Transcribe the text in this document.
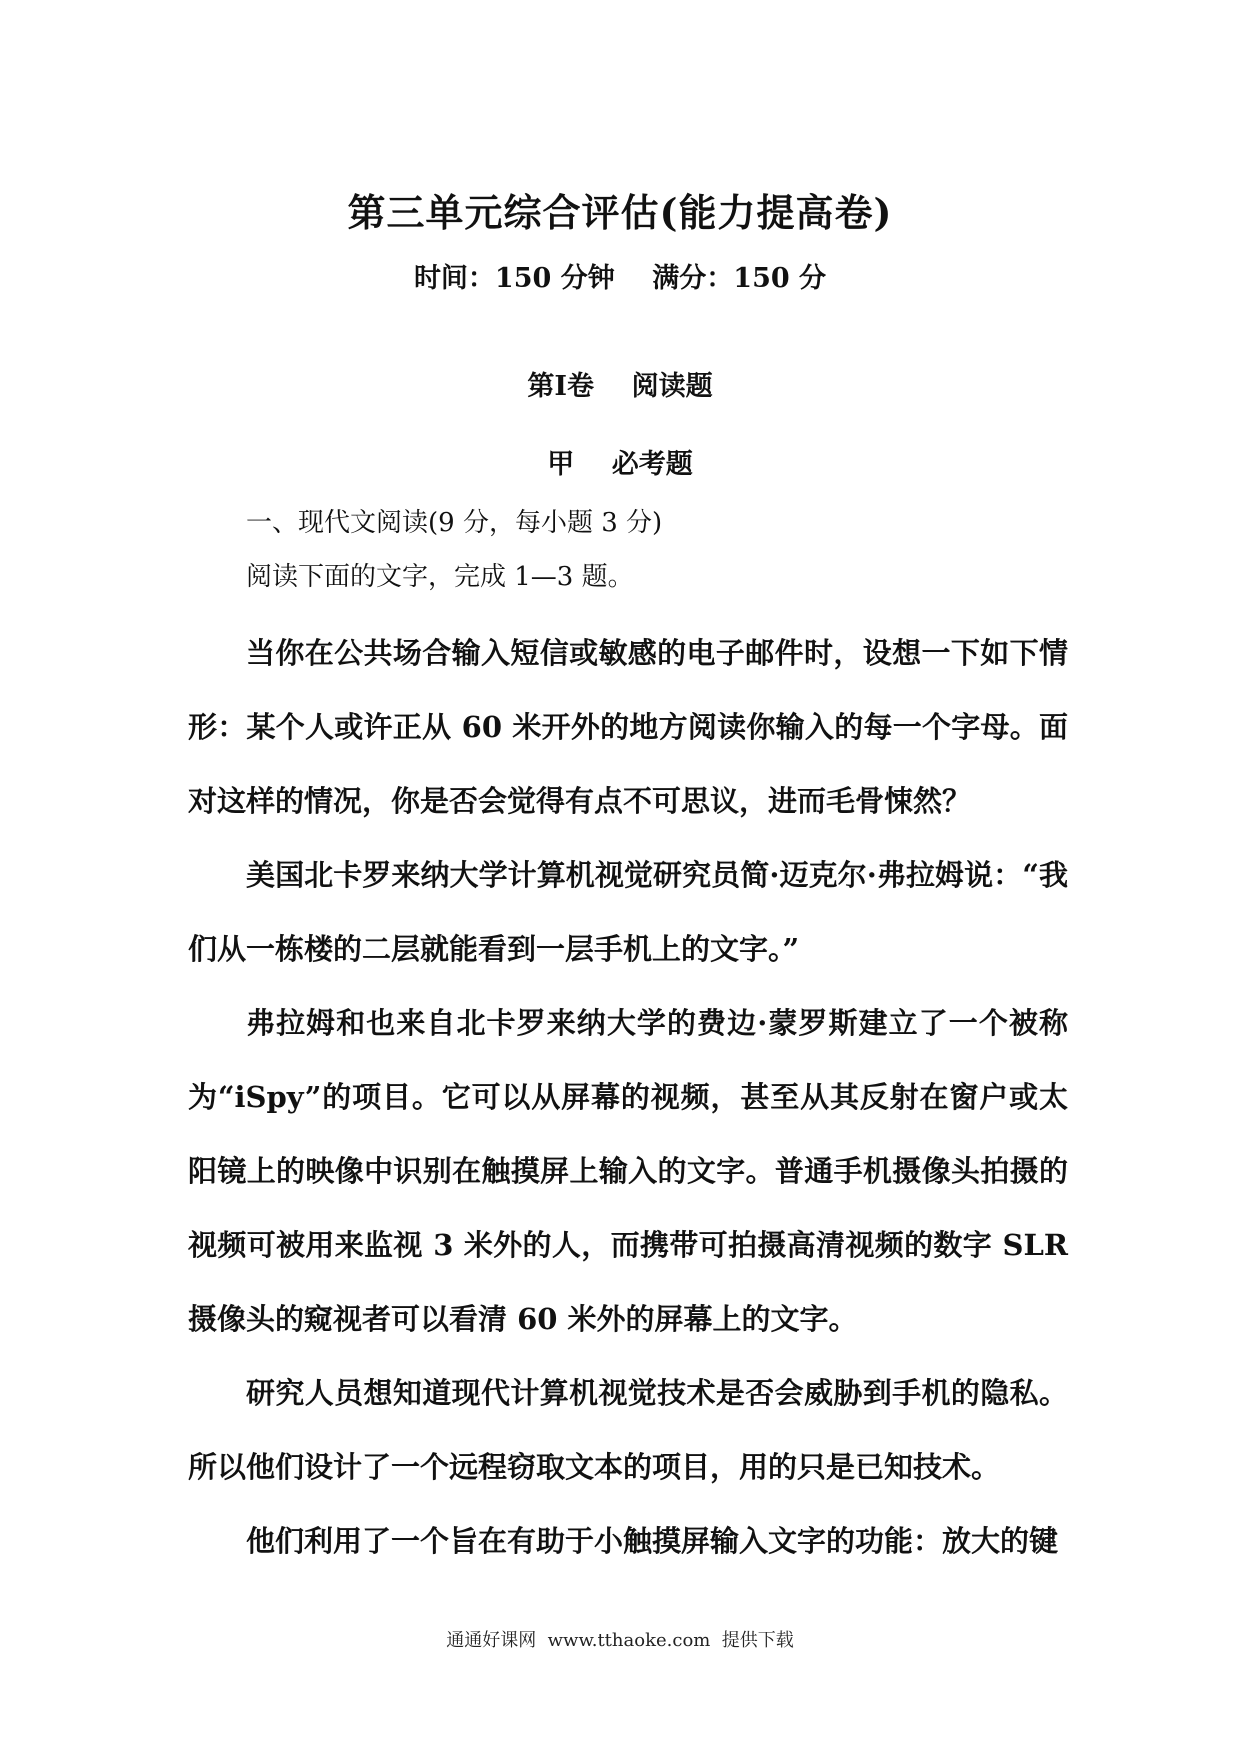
第三单元综合评估(能力提高卷)
时间：150 分钟    满分：150 分
第Ⅰ卷    阅读题
甲    必考题
一、现代文阅读(9 分，每小题 3 分)
阅读下面的文字，完成 1—3 题。

当你在公共场合输入短信或敏感的电子邮件时，设想一下如下情形：某个人或许正从 60 米开外的地方阅读你输入的每一个字母。面对这样的情况，你是否会觉得有点不可思议，进而毛骨悚然？

美国北卡罗来纳大学计算机视觉研究员简·迈克尔·弗拉姆说：“我们从一栋楼的二层就能看到一层手机上的文字。”

弗拉姆和也来自北卡罗来纳大学的费边·蒙罗斯建立了一个被称为“iSpy”的项目。它可以从屏幕的视频，甚至从其反射在窗户或太阳镜上的映像中识别在触摸屏上输入的文字。普通手机摄像头拍摄的视频可被用来监视 3 米外的人，而携带可拍摄高清视频的数字 SLR 摄像头的窥视者可以看清 60 米外的屏幕上的文字。

研究人员想知道现代计算机视觉技术是否会威胁到手机的隐私。所以他们设计了一个远程窃取文本的项目，用的只是已知技术。

他们利用了一个旨在有助于小触摸屏输入文字的功能：放大的键

通通好课网  www.tthaoke.com  提供下载
